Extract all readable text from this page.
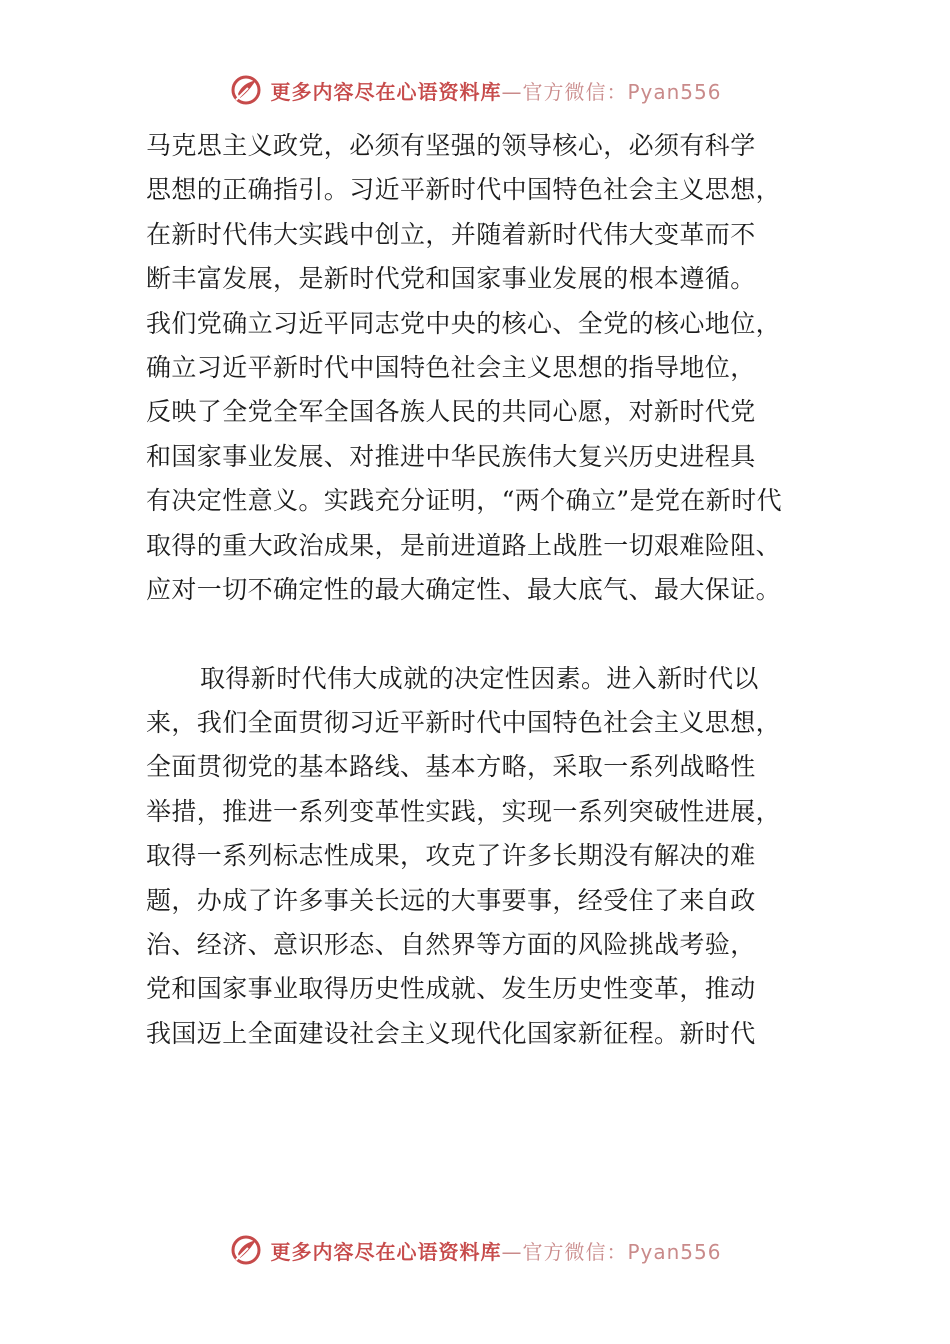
更多内容尽在心语资料库—官方微信：Pyan556
马克思主义政党，必须有坚强的领导核心，必须有科学
思想的正确指引。习近平新时代中国特色社会主义思想，
在新时代伟大实践中创立，并随着新时代伟大变革而不
断丰富发展，是新时代党和国家事业发展的根本遵循。
我们党确立习近平同志党中央的核心、全党的核心地位，
确立习近平新时代中国特色社会主义思想的指导地位，
反映了全党全军全国各族人民的共同心愿，对新时代党
和国家事业发展、对推进中华民族伟大复兴历史进程具
有决定性意义。实践充分证明，“两个确立”是党在新时代
取得的重大政治成果，是前进道路上战胜一切艰难险阻、
应对一切不确定性的最大确定性、最大底气、最大保证。
取得新时代伟大成就的决定性因素。进入新时代以
来，我们全面贯彻习近平新时代中国特色社会主义思想，
全面贯彻党的基本路线、基本方略，采取一系列战略性
举措，推进一系列变革性实践，实现一系列突破性进展，
取得一系列标志性成果，攻克了许多长期没有解决的难
题，办成了许多事关长远的大事要事，经受住了来自政
治、经济、意识形态、自然界等方面的风险挑战考验，
党和国家事业取得历史性成就、发生历史性变革，推动
我国迈上全面建设社会主义现代化国家新征程。新时代
更多内容尽在心语资料库—官方微信：Pyan556
